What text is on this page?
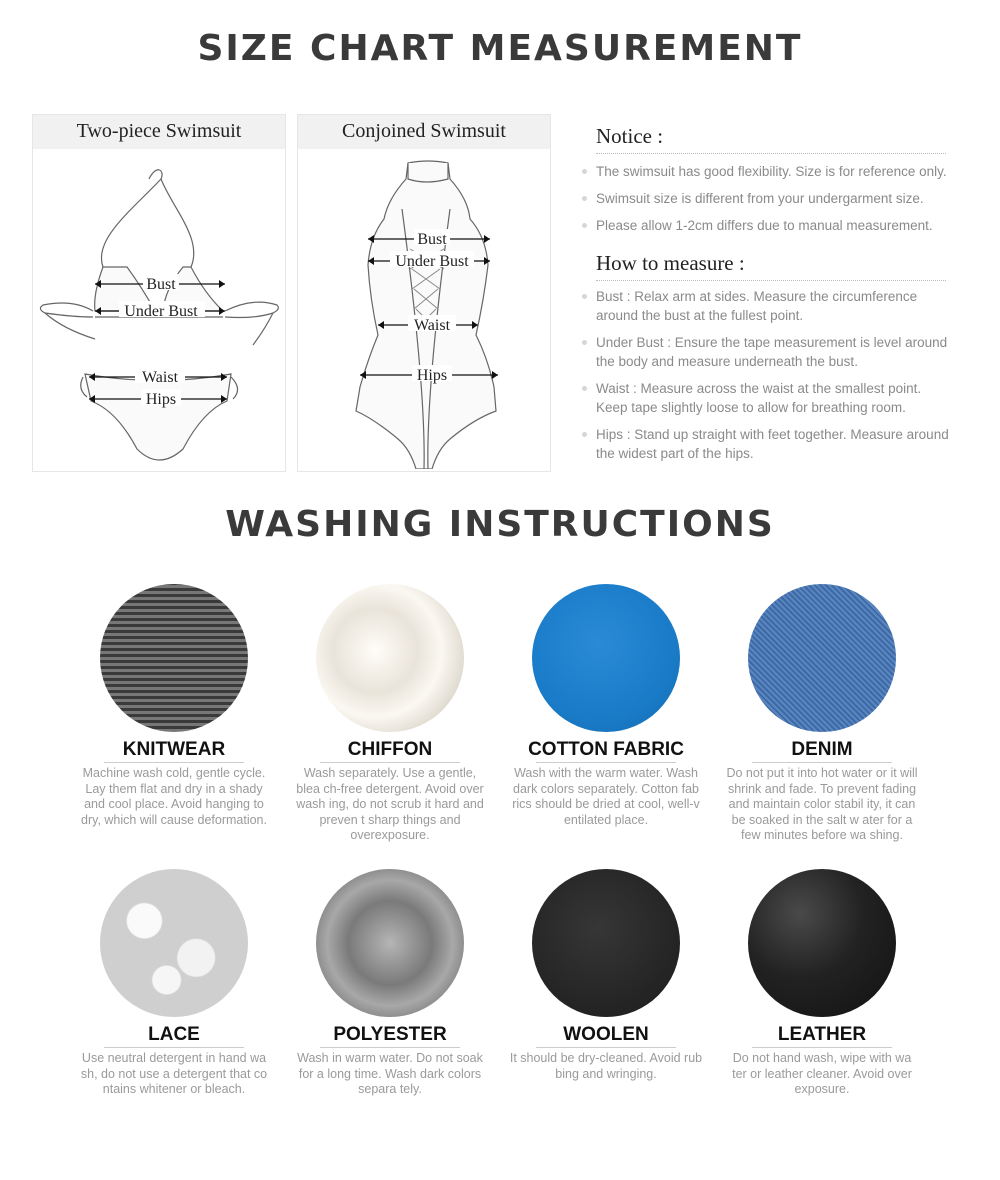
SIZE CHART MEASUREMENT
Two-piece Swimsuit
Bust
Under Bust
Waist
Hips
Conjoined Swimsuit
Bust
Under Bust
Waist
Hips
Notice :
The swimsuit has good flexibility. Size is for reference only.
Swimsuit size is different from your undergarment size.
Please allow 1-2cm differs due to manual measurement.
How to measure :
Bust : Relax arm at sides. Measure the circumference around the bust at the fullest point.
Under Bust : Ensure the tape measurement is level around the body and measure underneath the bust.
Waist : Measure across the waist at the smallest point. Keep tape slightly loose to allow for breathing room.
Hips : Stand up straight with feet together. Measure around the widest part of the hips.
WASHING INSTRUCTIONS
KNITWEAR
Machine wash cold, gentle cycle. Lay them flat and dry in a shady and cool place. Avoid hanging to dry, which will cause deformation.
CHIFFON
Wash separately. Use a gentle, blea ch-free detergent. Avoid over wash ing, do not scrub it hard and preven t sharp things and overexposure.
COTTON FABRIC
Wash with the warm water. Wash dark colors separately. Cotton fab rics should be dried at cool, well-v entilated place.
DENIM
Do not put it into hot water or it will shrink and fade. To prevent fading and maintain color stabil ity, it can be soaked in the salt w ater for a few minutes before wa shing.
LACE
Use neutral detergent in hand wa sh, do not use a detergent that co ntains whitener or bleach.
POLYESTER
Wash in warm water. Do not soak for a long time. Wash dark colors separa tely.
WOOLEN
It should be dry-cleaned. Avoid rub bing and wringing.
LEATHER
Do not hand wash, wipe with wa ter or leather cleaner. Avoid over exposure.
